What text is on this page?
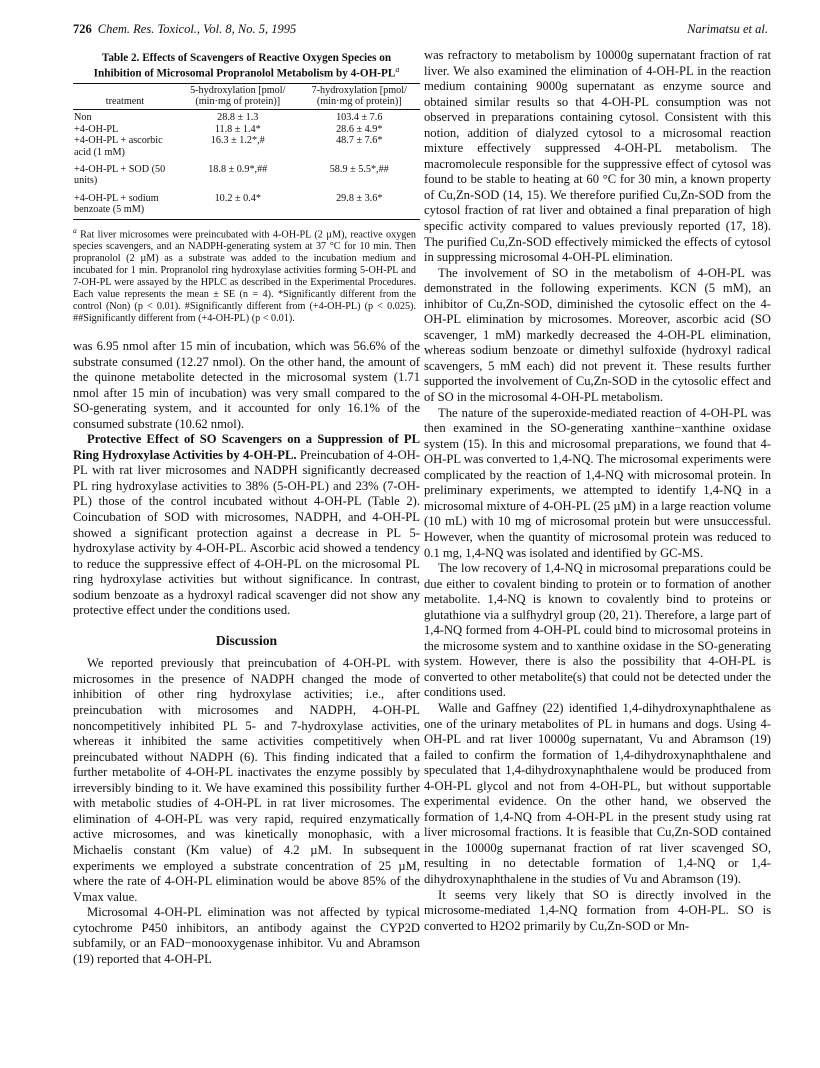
726 Chem. Res. Toxicol., Vol. 8, No. 5, 1995	Narimatsu et al.
Table 2. Effects of Scavengers of Reactive Oxygen Species on Inhibition of Microsomal Propranolol Metabolism by $4-OH-PL^a$
treatment	5-hydroxylation [pmol/ (min·mg of protein)]	7-hydroxylation [pmol/ (min·mg of protein)]
Non	28.8 ± 1.3	103.4 ± 7.6
+4-OH-PL	11.8 ± 1.4*	28.6 ± 4.9*
+4-OH-PL + ascorbic acid (1 mM)	16.3 ± 1.2*,#	48.7 ± 7.6*
+4-OH-PL + SOD (50 units)	18.8 ± 0.9*,##	58.9 ± 5.5*,##
+4-OH-PL + sodium benzoate (5 mM)	10.2 ± 0.4*	29.8 ± 3.6*
$^a$ Rat liver microsomes were preincubated with 4-OH-PL (2 µM), reactive oxygen species scavengers, and an NADPH-generating system at 37 °C for 10 min. Then propranolol (2 µM) as a substrate was added to the incubation medium and incubated for 1 min. Propranolol ring hydroxylase activities forming 5-OH-PL and 7-OH-PL were assayed by the HPLC as described in the Experimental Procedures. Each value represents the mean ± SE (n = 4). *Significantly different from the control (Non) (p < 0.01). #Significantly different from (+4-OH-PL) (p < 0.025). ##Significantly different from (+4-OH-PL) (p < 0.01).

was 6.95 nmol after 15 min of incubation, which was 56.6% of the substrate consumed (12.27 nmol). On the other hand, the amount of the quinone metabolite detected in the microsomal system (1.71 nmol after 15 min of incubation) was very small compared to the SO-generating system, and it accounted for only 16.1% of the consumed substrate (10.62 nmol).

Protective Effect of SO Scavengers on a Suppression of PL Ring Hydroxylase Activities by 4-OH-PL. Preincubation of 4-OH-PL with rat liver microsomes and NADPH significantly decreased PL ring hydroxylase activities to 38% (5-OH-PL) and 23% (7-OH-PL) those of the control incubated without 4-OH-PL (Table 2). Coincubation of SOD with microsomes, NADPH, and 4-OH-PL showed a significant protection against a decrease in PL 5-hydroxylase activity by 4-OH-PL. Ascorbic acid showed a tendency to reduce the suppressive effect of 4-OH-PL on the microsomal PL ring hydroxylase activities but without significance. In contrast, sodium benzoate as a hydroxyl radical scavenger did not show any protective effect under the conditions used.

Discussion

We reported previously that preincubation of 4-OH-PL with microsomes in the presence of NADPH changed the mode of inhibition of other ring hydroxylase activities; i.e., after preincubation with microsomes and NADPH, 4-OH-PL noncompetitively inhibited PL 5- and 7-hydroxylase activities, whereas it inhibited the same activities competitively when preincubated without NADPH (6). This finding indicated that a further metabolite of 4-OH-PL inactivates the enzyme possibly by irreversibly binding to it. We have examined this possibility further with metabolic studies of 4-OH-PL in rat liver microsomes. The elimination of 4-OH-PL was very rapid, required enzymatically active microsomes, and was kinetically monophasic, with a Michaelis constant (Km value) of 4.2 µM. In subsequent experiments we employed a substrate concentration of 25 µM, where the rate of 4-OH-PL elimination would be above 85% of the Vmax value.

Microsomal 4-OH-PL elimination was not affected by typical cytochrome P450 inhibitors, an antibody against the CYP2D subfamily, or an FAD−monooxygenase inhibitor. Vu and Abramson (19) reported that 4-OH-PL

was refractory to metabolism by 10000g supernatant fraction of rat liver. We also examined the elimination of 4-OH-PL in the reaction medium containing 9000g supernatant as enzyme source and obtained similar results so that 4-OH-PL consumption was not observed in preparations containing cytosol. Consistent with this notion, addition of dialyzed cytosol to a microsomal reaction mixture effectively suppressed 4-OH-PL metabolism. The macromolecule responsible for the suppressive effect of cytosol was found to be stable to heating at 60 °C for 30 min, a known property of Cu,Zn-SOD (14, 15). We therefore purified Cu,Zn-SOD from the cytosol fraction of rat liver and obtained a final preparation of high specific activity compared to values previously reported (17, 18). The purified Cu,Zn-SOD effectively mimicked the effects of cytosol in suppressing microsomal 4-OH-PL elimination.

The involvement of SO in the metabolism of 4-OH-PL was demonstrated in the following experiments. KCN (5 mM), an inhibitor of Cu,Zn-SOD, diminished the cytosolic effect on the 4-OH-PL elimination by microsomes. Moreover, ascorbic acid (SO scavenger, 1 mM) markedly decreased the 4-OH-PL elimination, whereas sodium benzoate or dimethyl sulfoxide (hydroxyl radical scavengers, 5 mM each) did not prevent it. These results further supported the involvement of Cu,Zn-SOD in the cytosolic effect and of SO in the microsomal 4-OH-PL metabolism.

The nature of the superoxide-mediated reaction of 4-OH-PL was then examined in the SO-generating xanthine−xanthine oxidase system (15). In this and microsomal preparations, we found that 4-OH-PL was converted to 1,4-NQ. The microsomal experiments were complicated by the reaction of 1,4-NQ with microsomal protein. In preliminary experiments, we attempted to identify 1,4-NQ in a microsomal mixture of 4-OH-PL (25 µM) in a large reaction volume (10 mL) with 10 mg of microsomal protein but were unsuccessful. However, when the quantity of microsomal protein was reduced to 0.1 mg, 1,4-NQ was isolated and identified by GC-MS.

The low recovery of 1,4-NQ in microsomal preparations could be due either to covalent binding to protein or to formation of another metabolite. 1,4-NQ is known to covalently bind to proteins or glutathione via a sulfhydryl group (20, 21). Therefore, a large part of 1,4-NQ formed from 4-OH-PL could bind to microsomal proteins in the microsome system and to xanthine oxidase in the SO-generating system. However, there is also the possibility that 4-OH-PL is converted to other metabolite(s) that could not be detected under the conditions used.

Walle and Gaffney (22) identified 1,4-dihydroxynaphthalene as one of the urinary metabolites of PL in humans and dogs. Using 4-OH-PL and rat liver 10000g supernatant, Vu and Abramson (19) failed to confirm the formation of 1,4-dihydroxynaphthalene and speculated that 1,4-dihydroxynaphthalene would be produced from 4-OH-PL glycol and not from 4-OH-PL, but without supportable experimental evidence. On the other hand, we observed the formation of 1,4-NQ from 4-OH-PL in the present study using rat liver microsomal fractions. It is feasible that Cu,Zn-SOD contained in the 10000g supernanat fraction of rat liver scavenged SO, resulting in no detectable formation of 1,4-NQ or 1,4-dihydroxynaphthalene in the studies of Vu and Abramson (19).

It seems very likely that SO is directly involved in the microsome-mediated 1,4-NQ formation from 4-OH-PL. SO is converted to H2O2 primarily by Cu,Zn-SOD or Mn-
